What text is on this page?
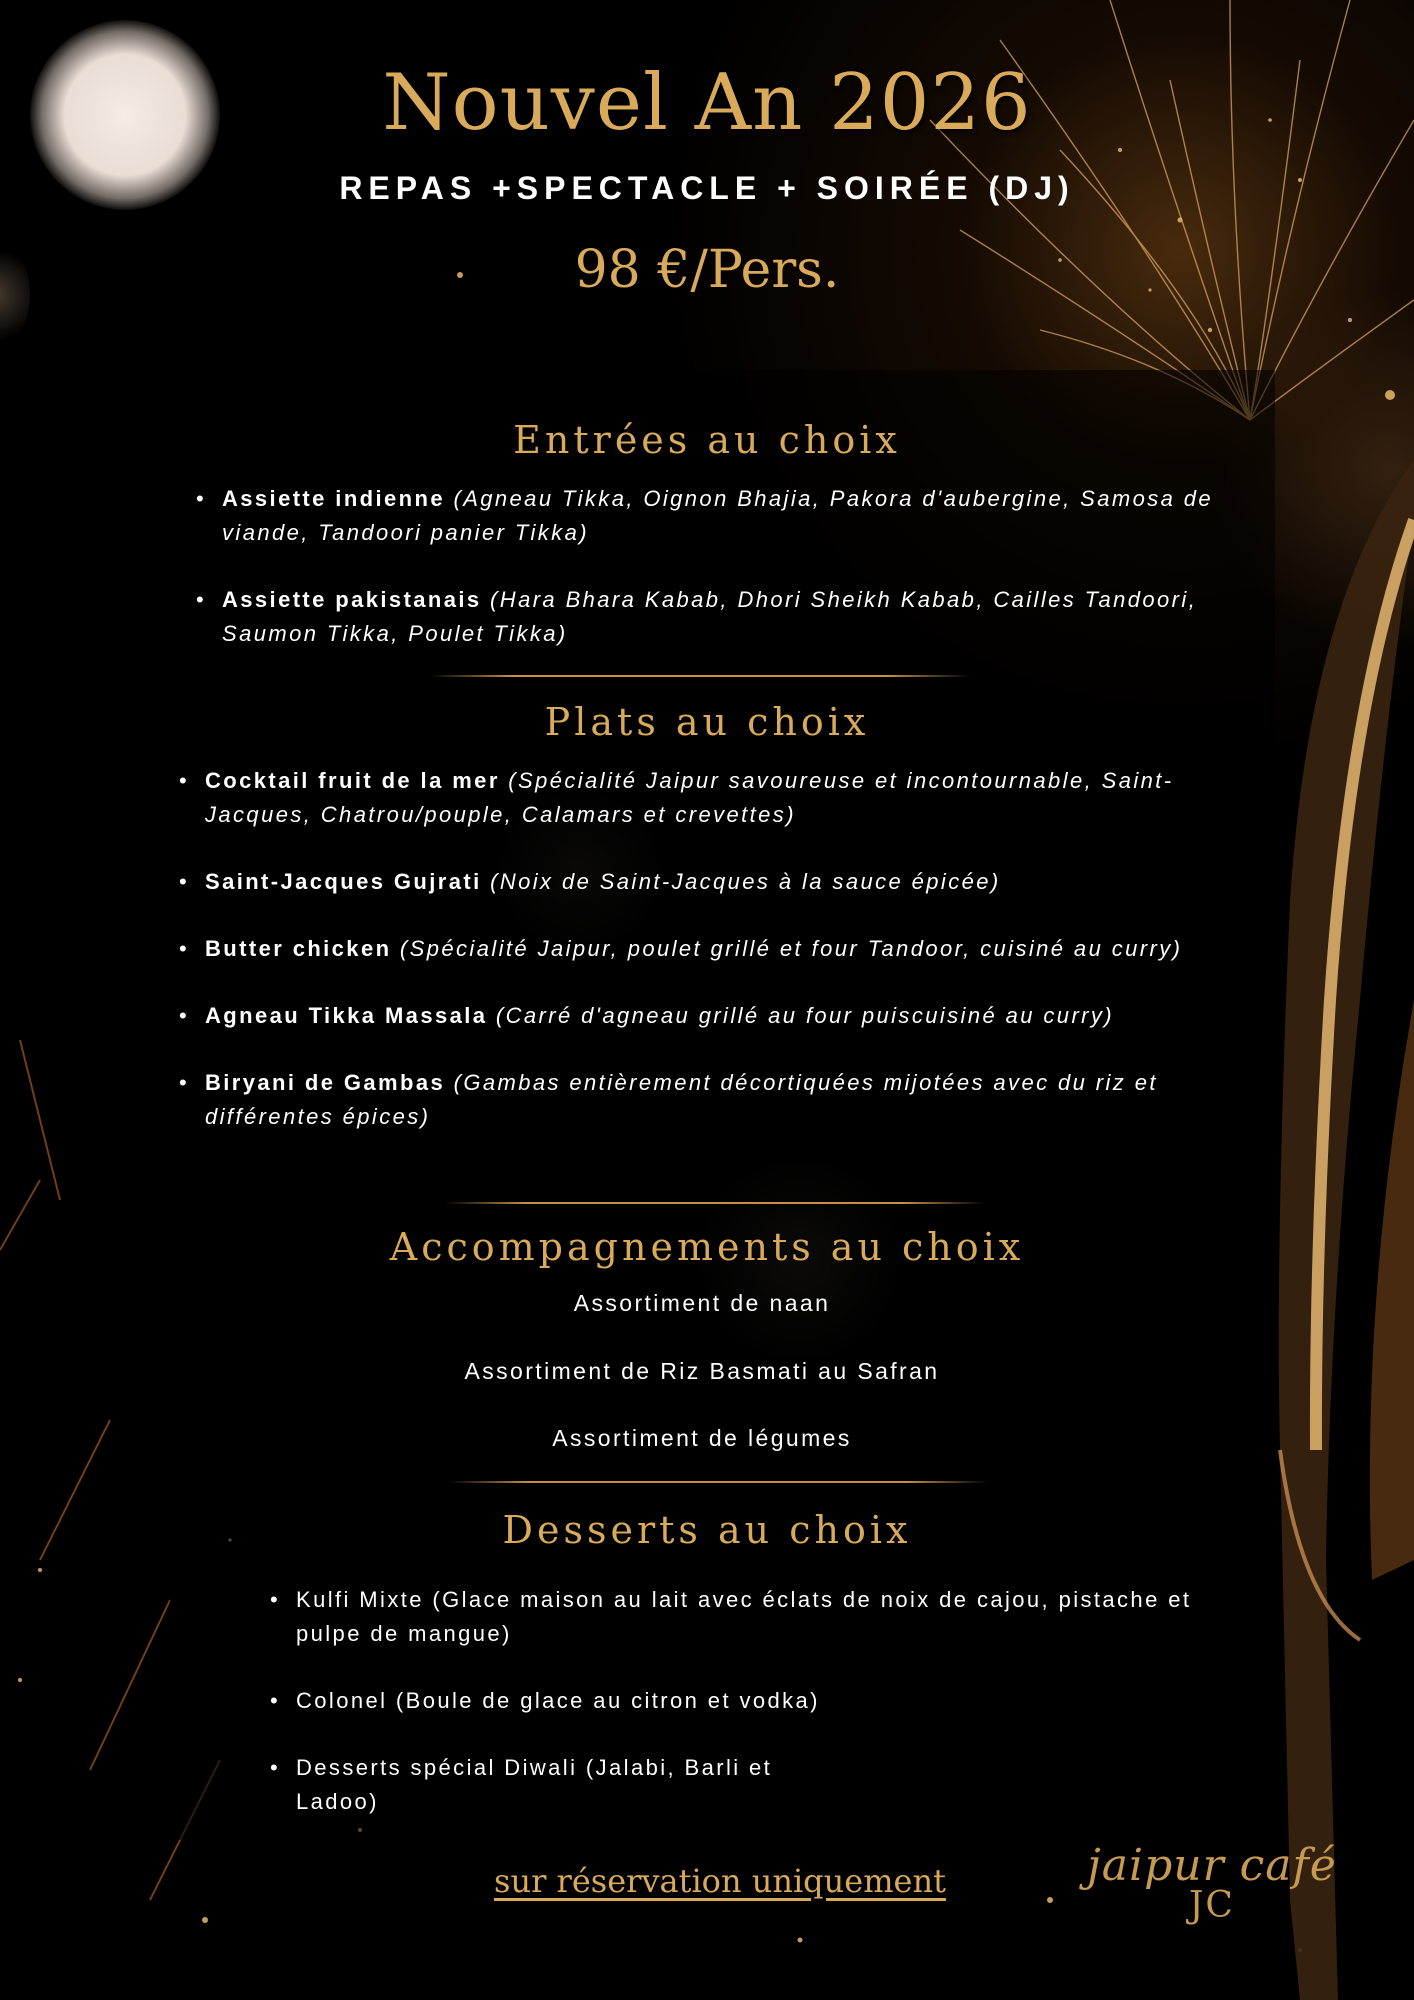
Nouvel An 2026
REPAS +SPECTACLE + SOIRÉE (DJ)
98 €/Pers.
Entrées au choix
• Assiette indienne (Agneau Tikka, Oignon Bhajia, Pakora d'aubergine, Samosa de viande, Tandoori panier Tikka)
• Assiette pakistanais (Hara Bhara Kabab, Dhori Sheikh Kabab, Cailles Tandoori, Saumon Tikka, Poulet Tikka)
Plats au choix
• Cocktail fruit de la mer (Spécialité Jaipur savoureuse et incontournable, Saint-Jacques, Chatrou/pouple, Calamars et crevettes)
• Saint-Jacques Gujrati (Noix de Saint-Jacques à la sauce épicée)
• Butter chicken (Spécialité Jaipur, poulet grillé et four Tandoor, cuisiné au curry)
• Agneau Tikka Massala (Carré d'agneau grillé au four puiscuisiné au curry)
• Biryani de Gambas (Gambas entièrement décortiquées mijotées avec du riz et différentes épices)
Accompagnements au choix
Assortiment de naan
Assortiment de Riz Basmati au Safran
Assortiment de légumes
Desserts au choix
• Kulfi Mixte (Glace maison au lait avec éclats de noix de cajou, pistache et pulpe de mangue)
• Colonel (Boule de glace au citron et vodka)
• Desserts spécial Diwali (Jalabi, Barli et Ladoo)
sur réservation uniquement	jaipur café
JC
